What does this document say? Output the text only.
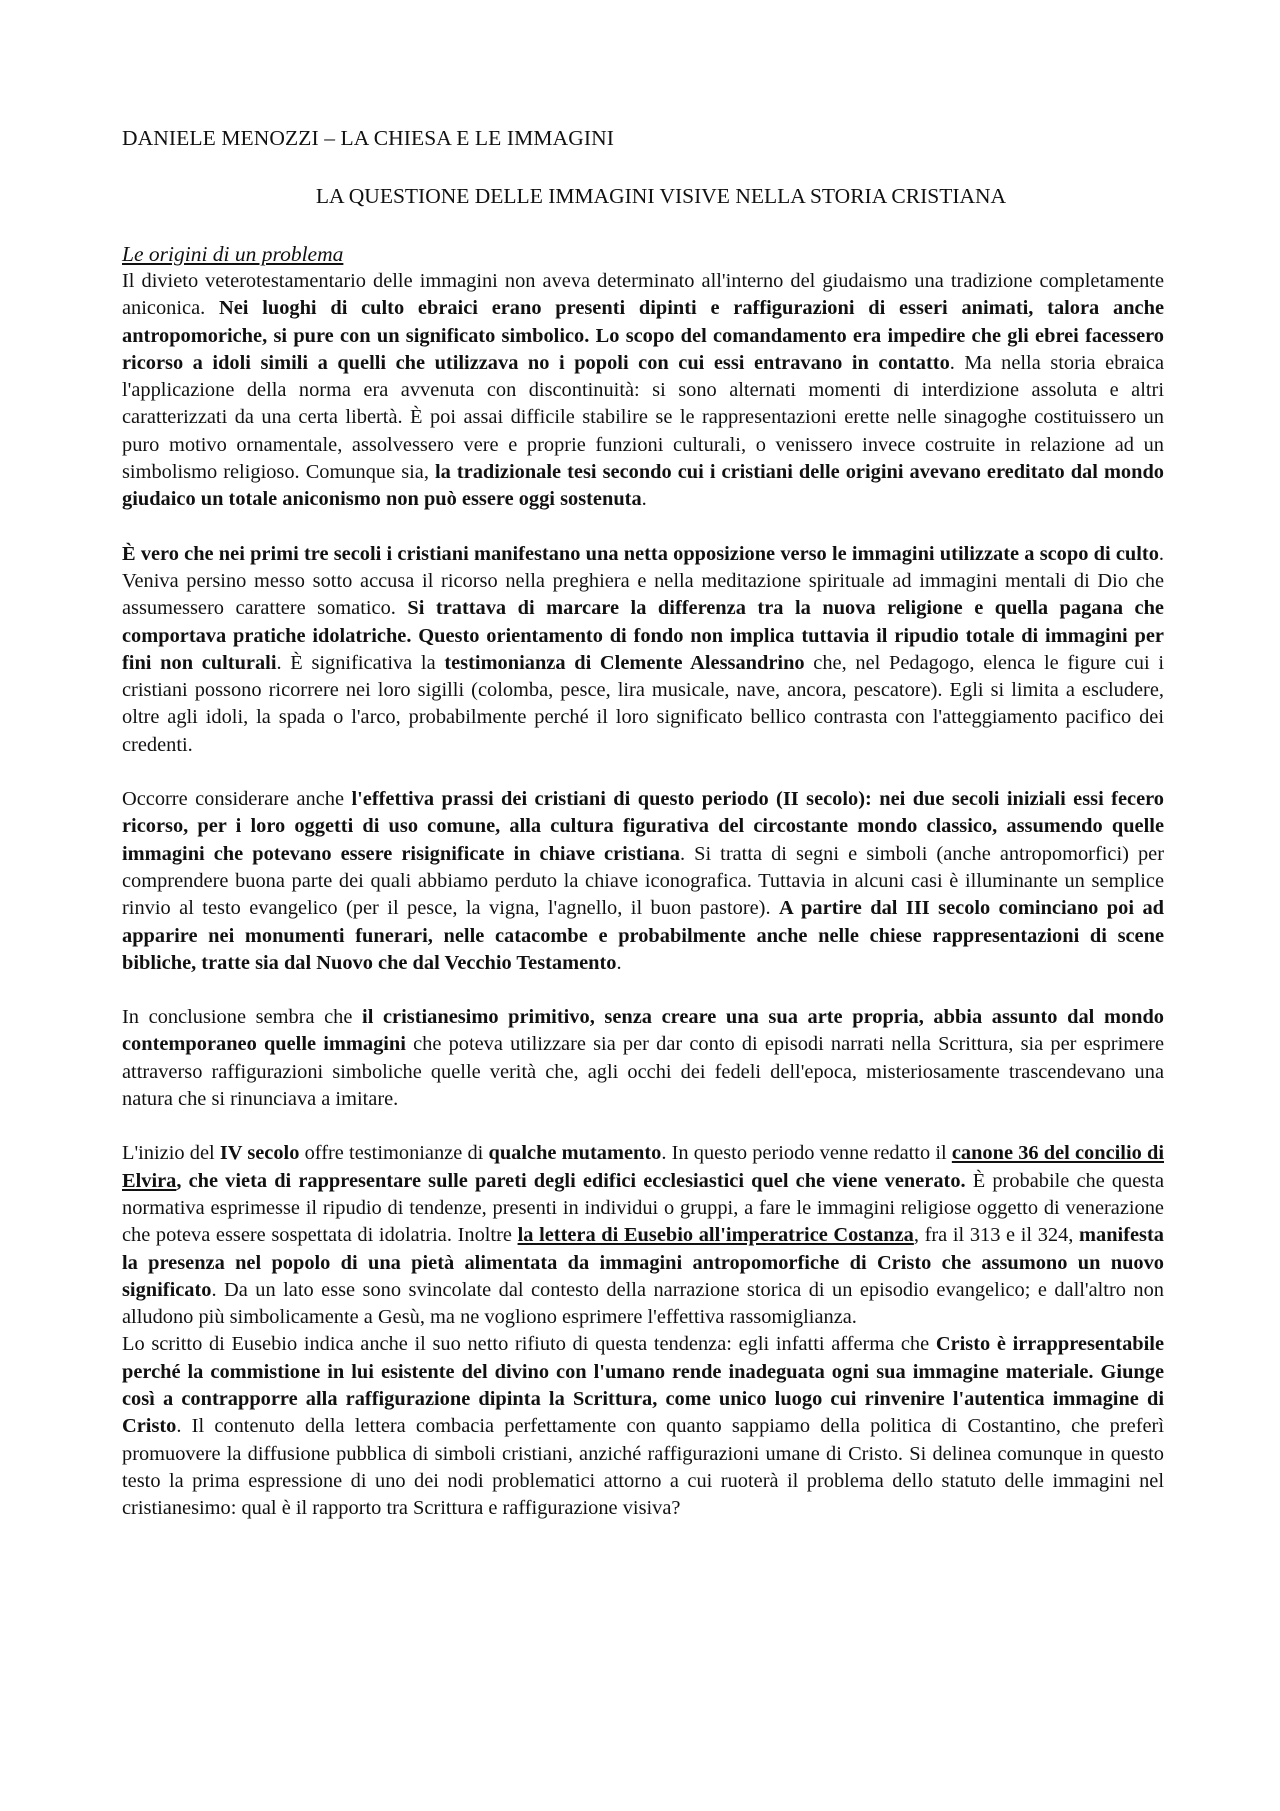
DANIELE MENOZZI – LA CHIESA E LE IMMAGINI

LA QUESTIONE DELLE IMMAGINI VISIVE NELLA STORIA CRISTIANA

Le origini di un problema

Il divieto veterotestamentario delle immagini non aveva determinato all'interno del giudaismo una tradizione completamente aniconica. Nei luoghi di culto ebraici erano presenti dipinti e raffigurazioni di esseri animati, talora anche antropomoriche, si pure con un significato simbolico. Lo scopo del comandamento era impedire che gli ebrei facessero ricorso a idoli simili a quelli che utilizzava no i popoli con cui essi entravano in contatto. Ma nella storia ebraica l'applicazione della norma era avvenuta con discontinuità: si sono alternati momenti di interdizione assoluta e altri caratterizzati da una certa libertà. È poi assai difficile stabilire se le rappresentazioni erette nelle sinagoghe costituissero un puro motivo ornamentale, assolvessero vere e proprie funzioni culturali, o venissero invece costruite in relazione ad un simbolismo religioso. Comunque sia, la tradizionale tesi secondo cui i cristiani delle origini avevano ereditato dal mondo giudaico un totale aniconismo non può essere oggi sostenuta.

È vero che nei primi tre secoli i cristiani manifestano una netta opposizione verso le immagini utilizzate a scopo di culto. Veniva persino messo sotto accusa il ricorso nella preghiera e nella meditazione spirituale ad immagini mentali di Dio che assumessero carattere somatico. Si trattava di marcare la differenza tra la nuova religione e quella pagana che comportava pratiche idolatriche. Questo orientamento di fondo non implica tuttavia il ripudio totale di immagini per fini non culturali. È significativa la testimonianza di Clemente Alessandrino che, nel Pedagogo, elenca le figure cui i cristiani possono ricorrere nei loro sigilli (colomba, pesce, lira musicale, nave, ancora, pescatore). Egli si limita a escludere, oltre agli idoli, la spada o l'arco, probabilmente perché il loro significato bellico contrasta con l'atteggiamento pacifico dei credenti.

Occorre considerare anche l'effettiva prassi dei cristiani di questo periodo (II secolo): nei due secoli iniziali essi fecero ricorso, per i loro oggetti di uso comune, alla cultura figurativa del circostante mondo classico, assumendo quelle immagini che potevano essere risignificate in chiave cristiana. Si tratta di segni e simboli (anche antropomorfici) per comprendere buona parte dei quali abbiamo perduto la chiave iconografica. Tuttavia in alcuni casi è illuminante un semplice rinvio al testo evangelico (per il pesce, la vigna, l'agnello, il buon pastore). A partire dal III secolo cominciano poi ad apparire nei monumenti funerari, nelle catacombe e probabilmente anche nelle chiese rappresentazioni di scene bibliche, tratte sia dal Nuovo che dal Vecchio Testamento.

In conclusione sembra che il cristianesimo primitivo, senza creare una sua arte propria, abbia assunto dal mondo contemporaneo quelle immagini che poteva utilizzare sia per dar conto di episodi narrati nella Scrittura, sia per esprimere attraverso raffigurazioni simboliche quelle verità che, agli occhi dei fedeli dell'epoca, misteriosamente trascendevano una natura che si rinunciava a imitare.

L'inizio del IV secolo offre testimonianze di qualche mutamento. In questo periodo venne redatto il canone 36 del concilio di Elvira, che vieta di rappresentare sulle pareti degli edifici ecclesiastici quel che viene venerato. È probabile che questa normativa esprimesse il ripudio di tendenze, presenti in individui o gruppi, a fare le immagini religiose oggetto di venerazione che poteva essere sospettata di idolatria. Inoltre la lettera di Eusebio all'imperatrice Costanza, fra il 313 e il 324, manifesta la presenza nel popolo di una pietà alimentata da immagini antropomorfiche di Cristo che assumono un nuovo significato. Da un lato esse sono svincolate dal contesto della narrazione storica di un episodio evangelico; e dall'altro non alludono più simbolicamente a Gesù, ma ne vogliono esprimere l'effettiva rassomiglianza.

Lo scritto di Eusebio indica anche il suo netto rifiuto di questa tendenza: egli infatti afferma che Cristo è irrappresentabile perché la commistione in lui esistente del divino con l'umano rende inadeguata ogni sua immagine materiale. Giunge così a contrapporre alla raffigurazione dipinta la Scrittura, come unico luogo cui rinvenire l'autentica immagine di Cristo. Il contenuto della lettera combacia perfettamente con quanto sappiamo della politica di Costantino, che preferì promuovere la diffusione pubblica di simboli cristiani, anziché raffigurazioni umane di Cristo. Si delinea comunque in questo testo la prima espressione di uno dei nodi problematici attorno a cui ruoterà il problema dello statuto delle immagini nel cristianesimo: qual è il rapporto tra Scrittura e raffigurazione visiva?
